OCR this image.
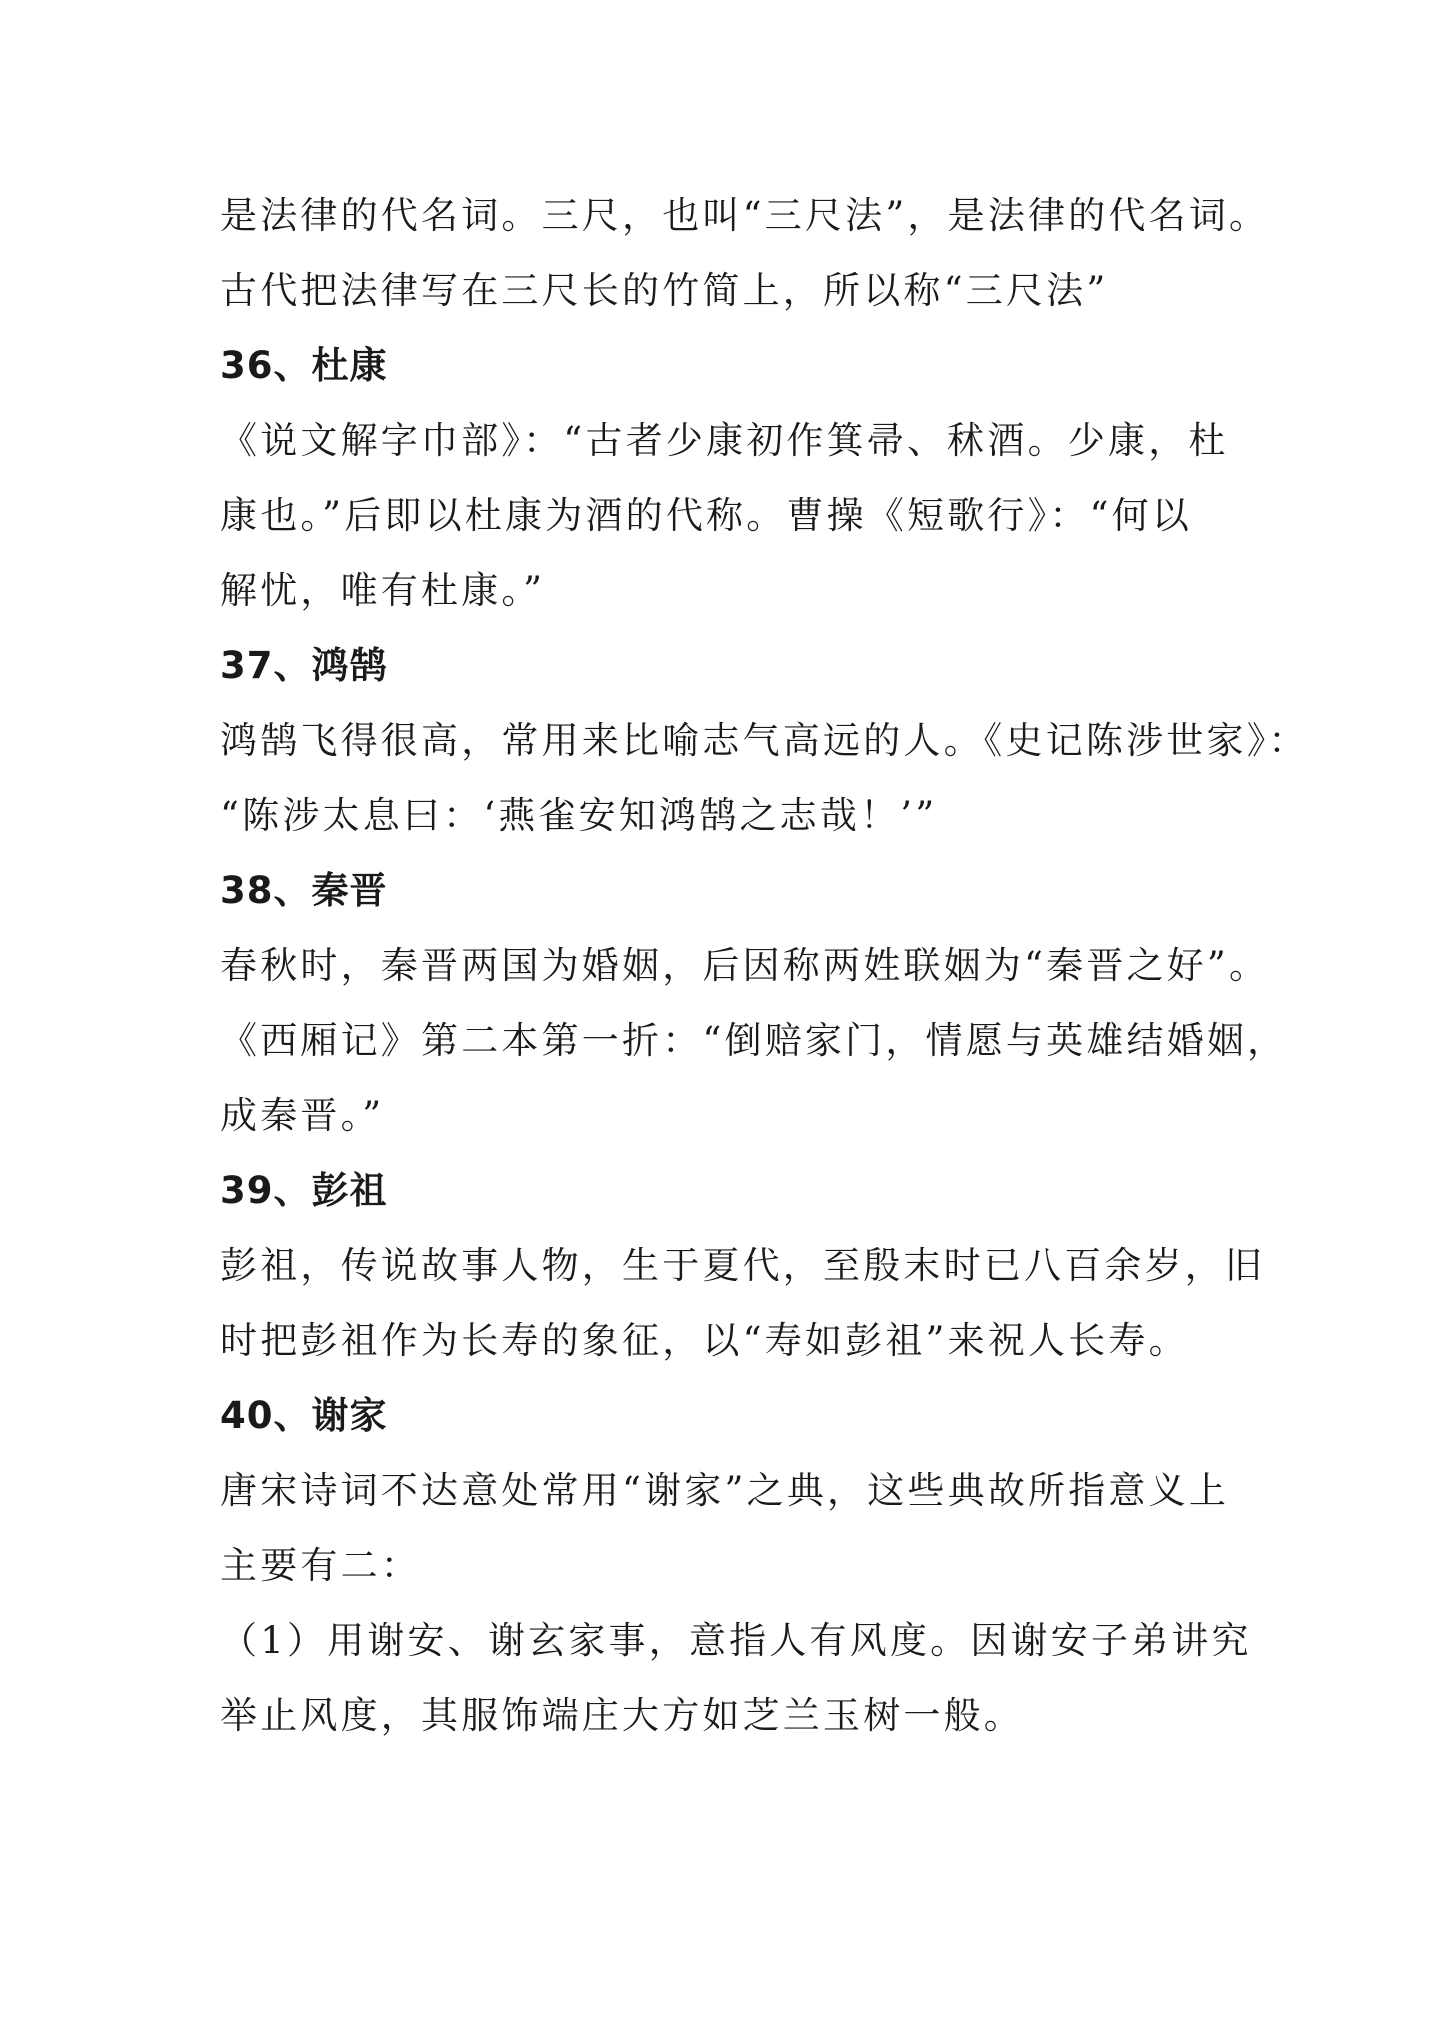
是法律的代名词。三尺，也叫“三尺法”，是法律的代名词。
古代把法律写在三尺长的竹简上，所以称“三尺法”
36、杜康
《说文解字巾部》：“古者少康初作箕帚、秫酒。少康，杜
康也。”后即以杜康为酒的代称。曹操《短歌行》：“何以
解忧，唯有杜康。”
37、鸿鹄
鸿鹄飞得很高，常用来比喻志气高远的人。《史记陈涉世家》：
“陈涉太息曰：‘燕雀安知鸿鹄之志哉！’”
38、秦晋
春秋时，秦晋两国为婚姻，后因称两姓联姻为“秦晋之好”。
《西厢记》第二本第一折：“倒赔家门，情愿与英雄结婚姻，
成秦晋。”
39、彭祖
彭祖，传说故事人物，生于夏代，至殷末时已八百余岁，旧
时把彭祖作为长寿的象征，以“寿如彭祖”来祝人长寿。
40、谢家
唐宋诗词不达意处常用“谢家”之典，这些典故所指意义上
主要有二：
（1）用谢安、谢玄家事，意指人有风度。因谢安子弟讲究
举止风度，其服饰端庄大方如芝兰玉树一般。
